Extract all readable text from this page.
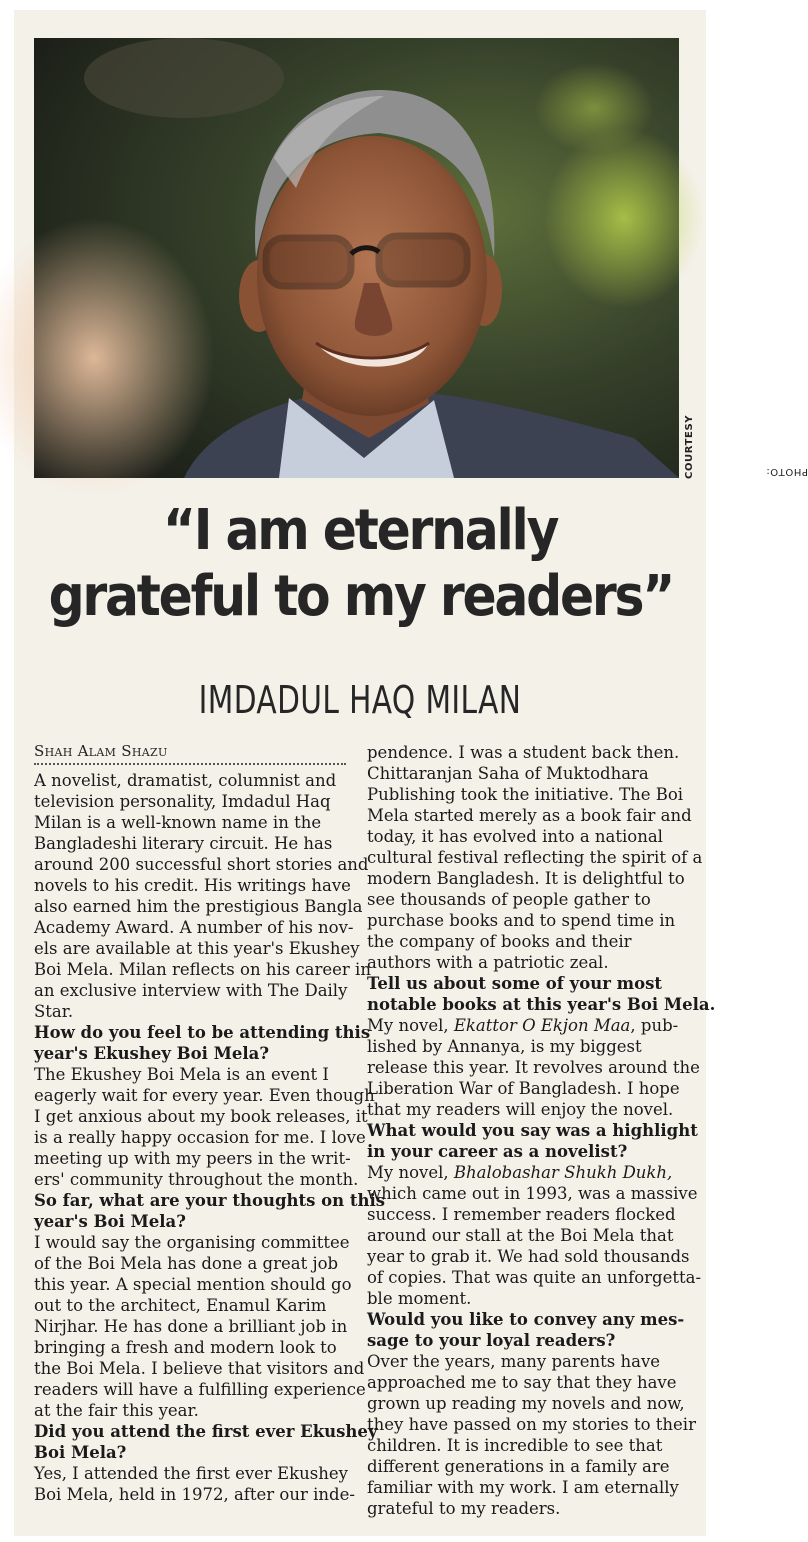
PHOTO:
COURTESY
“I am eternally
grateful to my readers”
IMDADUL HAQ MILAN
Shah Alam Shazu
A novelist, dramatist, columnist and
television personality, Imdadul Haq
Milan is a well-known name in the
Bangladeshi literary circuit. He has
around 200 successful short stories and
novels to his credit. His writings have
also earned him the prestigious Bangla
Academy Award. A number of his nov-
els are available at this year's Ekushey
Boi Mela. Milan reflects on his career in
an exclusive interview with The Daily
Star.
How do you feel to be attending this
year's Ekushey Boi Mela?
The Ekushey Boi Mela is an event I
eagerly wait for every year. Even though
I get anxious about my book releases, it
is a really happy occasion for me. I love
meeting up with my peers in the writ-
ers' community throughout the month.
So far, what are your thoughts on this
year's Boi Mela?
I would say the organising committee
of the Boi Mela has done a great job
this year. A special mention should go
out to the architect, Enamul Karim
Nirjhar. He has done a brilliant job in
bringing a fresh and modern look to
the Boi Mela. I believe that visitors and
readers will have a fulfilling experience
at the fair this year.
Did you attend the first ever Ekushey
Boi Mela?
Yes, I attended the first ever Ekushey
Boi Mela, held in 1972, after our inde-
pendence. I was a student back then.
Chittaranjan Saha of Muktodhara
Publishing took the initiative. The Boi
Mela started merely as a book fair and
today, it has evolved into a national
cultural festival reflecting the spirit of a
modern Bangladesh. It is delightful to
see thousands of people gather to
purchase books and to spend time in
the company of books and their
authors with a patriotic zeal.
Tell us about some of your most
notable books at this year's Boi Mela.
My novel, Ekattor O Ekjon Maa, pub-
lished by Annanya, is my biggest
release this year. It revolves around the
Liberation War of Bangladesh. I hope
that my readers will enjoy the novel.
What would you say was a highlight
in your career as a novelist?
My novel, Bhalobashar Shukh Dukh,
which came out in 1993, was a massive
success. I remember readers flocked
around our stall at the Boi Mela that
year to grab it. We had sold thousands
of copies. That was quite an unforgetta-
ble moment.
Would you like to convey any mes-
sage to your loyal readers?
Over the years, many parents have
approached me to say that they have
grown up reading my novels and now,
they have passed on my stories to their
children. It is incredible to see that
different generations in a family are
familiar with my work. I am eternally
grateful to my readers.
